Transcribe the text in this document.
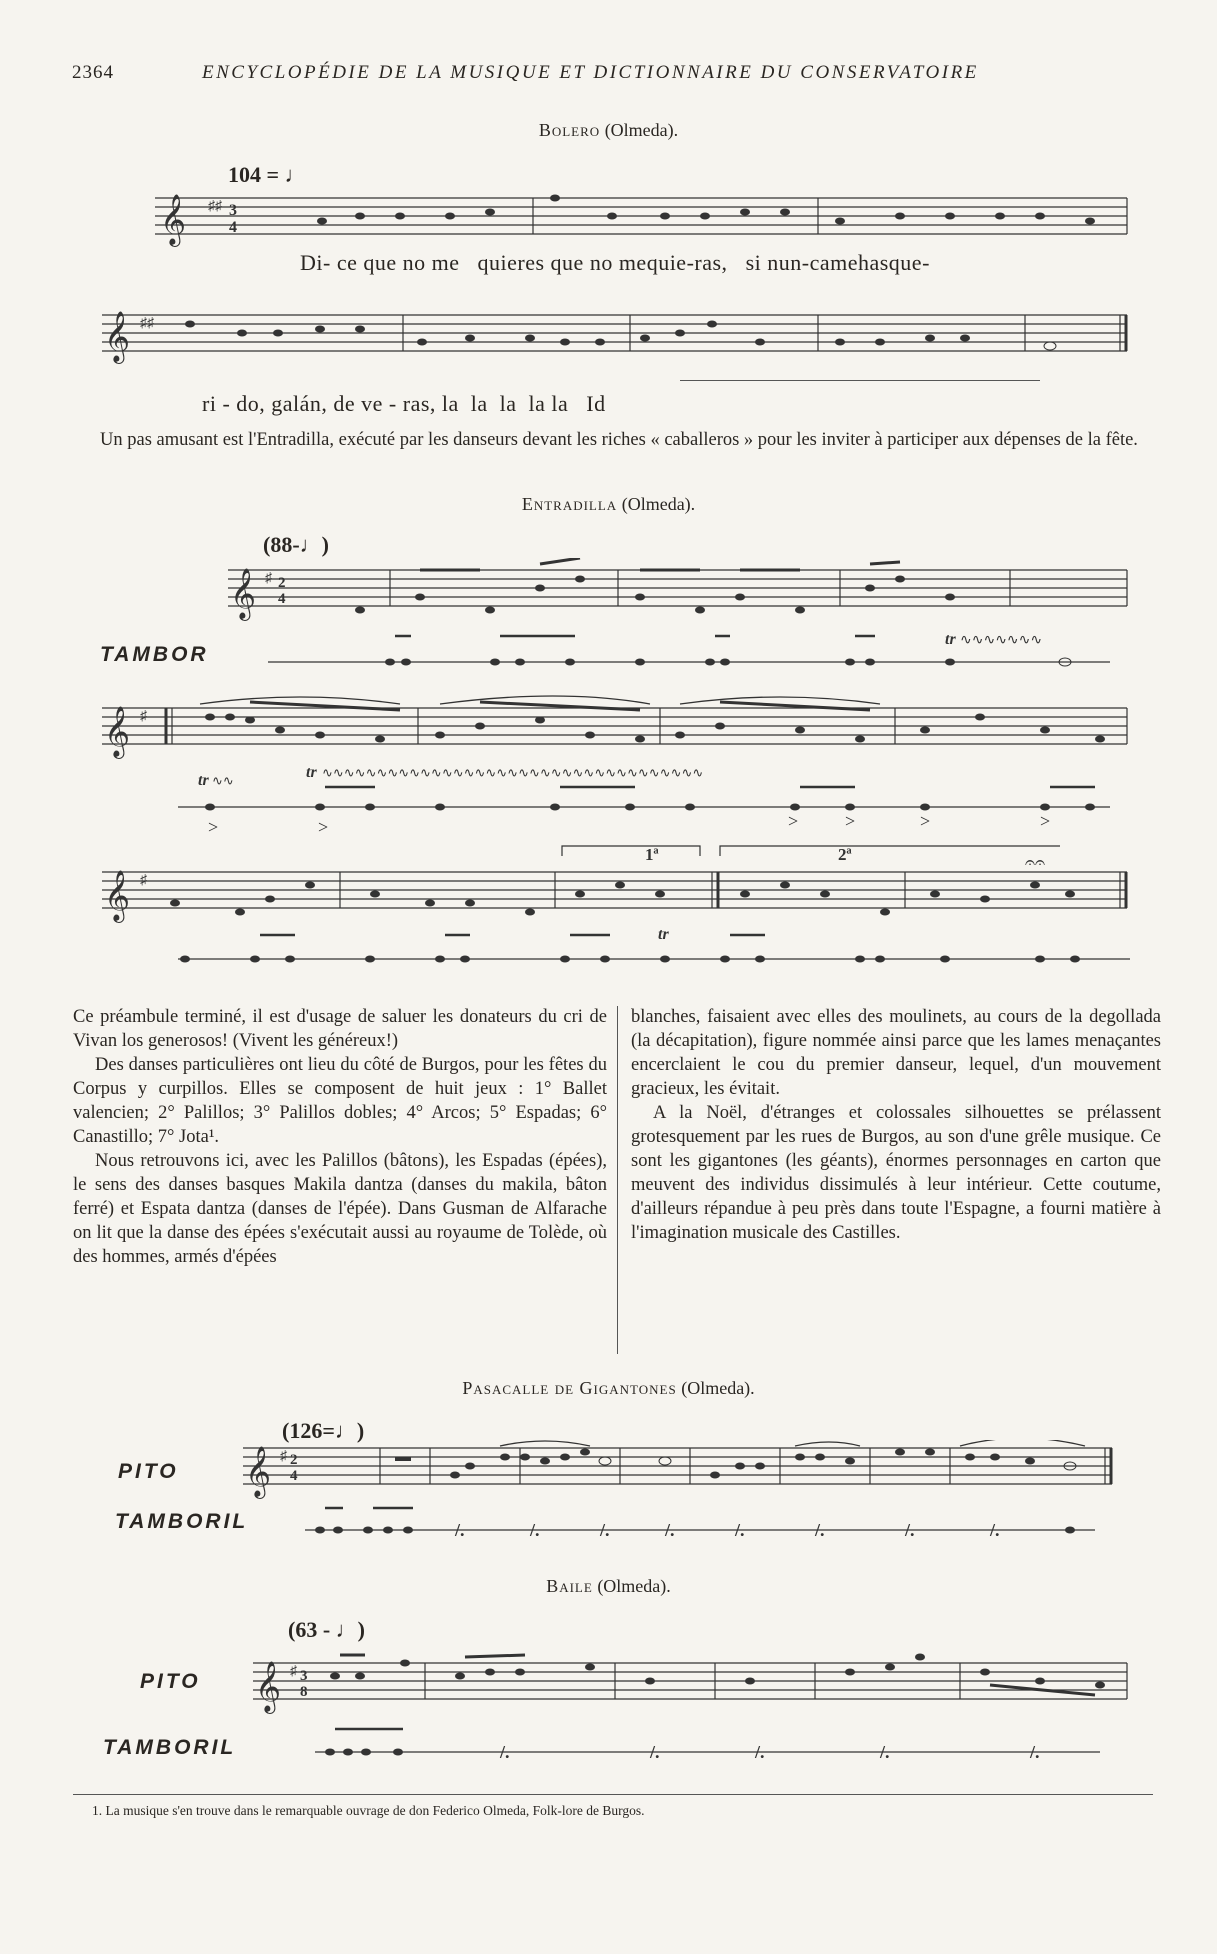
2364	ENCYCLOPÉDIE DE LA MUSIQUE ET DICTIONNAIRE DU CONSERVATOIRE
Bolero (Olmeda).
104 = ♩
𝄞 ♯♯ 3
4
Di- ce que no me quieres que no mequie-ras, si nun-camehasque-
𝄞 ♯♯

ri - do, galán, de ve - ras, la  la  la  la la   Id

Un pas amusant est l'Entradilla, exécuté par les danseurs devant les riches « caballeros » pour les inviter à participer aux dépenses de la fête.

Entradilla (Olmeda).
(88-♩)
𝄞 ♯ 2
4
TAMBOR
tr ∿∿∿∿∿∿∿
𝄞 ♯
tr ∿∿	tr ∿∿∿∿∿∿∿∿∿∿∿∿∿∿∿∿∿∿∿∿∿∿∿∿∿∿∿∿∿∿∿∿∿∿∿
>	>	>	>	>	>
1ª	2ª
𝄞 ♯
𝄐𝄐
tr

Ce préambule terminé, il est d'usage de saluer les donateurs du cri de Vivan los generosos! (Vivent les généreux!)

Des danses particulières ont lieu du côté de Burgos, pour les fêtes du Corpus y curpillos. Elles se composent de huit jeux : 1° Ballet valencien; 2° Palillos; 3° Palillos dobles; 4° Arcos; 5° Espadas; 6° Canastillo; 7° Jota¹.

Nous retrouvons ici, avec les Palillos (bâtons), les Espadas (épées), le sens des danses basques Makila dantza (danses du makila, bâton ferré) et Espata dantza (danses de l'épée). Dans Gusman de Alfarache on lit que la danse des épées s'exécutait aussi au royaume de Tolède, où des hommes, armés d'épées

blanches, faisaient avec elles des moulinets, au cours de la degollada (la décapitation), figure nommée ainsi parce que les lames menaçantes encerclaient le cou du premier danseur, lequel, d'un mouvement gracieux, les évitait.

A la Noël, d'étranges et colossales silhouettes se prélassent grotesquement par les rues de Burgos, au son d'une grêle musique. Ce sont les gigantones (les géants), énormes personnages en carton que meuvent des individus dissimulés à leur intérieur. Cette coutume, d'ailleurs répandue à peu près dans toute l'Espagne, a fourni matière à l'imagination musicale des Castilles.

Pasacalle de Gigantones (Olmeda).
(126=♩)
PITO
TAMBORIL
𝄞 ♯ 2
4
/.	/.	/.	/.	/.	/.	/.	/.
Baile (Olmeda).
(63 - ♩)
PITO
TAMBORIL
𝄞 ♯ 3
8
/.	/.	/.	/.	/.
1. La musique s'en trouve dans le remarquable ouvrage de don Federico Olmeda, Folk-lore de Burgos.
